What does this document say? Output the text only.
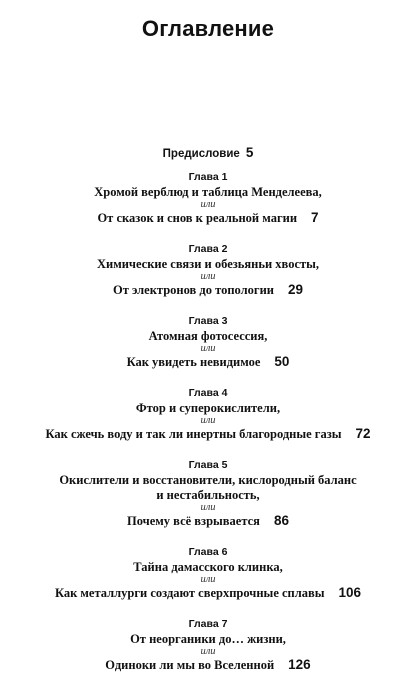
Оглавление
Предисловие 5
Глава 1
Хромой верблюд и таблица Менделеева,
или
От сказок и снов к реальной магии 7
Глава 2
Химические связи и обезьяньи хвосты,
или
От электронов до топологии 29
Глава 3
Атомная фотосессия,
или
Как увидеть невидимое 50
Глава 4
Фтор и суперокислители,
или
Как сжечь воду и так ли инертны благородные газы 72
Глава 5
Окислители и восстановители, кислородный баланс
и нестабильность,
или
Почему всё взрывается 86
Глава 6
Тайна дамасского клинка,
или
Как металлурги создают сверхпрочные сплавы 106
Глава 7
От неорганики до… жизни,
или
Одиноки ли мы во Вселенной 126
